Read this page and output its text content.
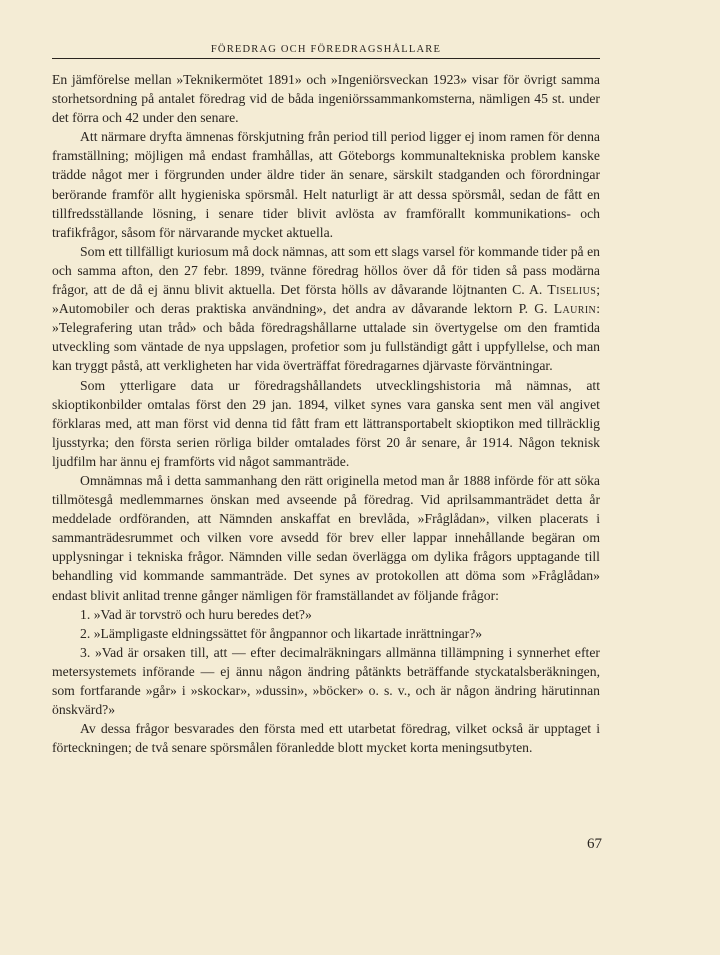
FÖREDRAG OCH FÖREDRAGSHÅLLARE

En jämförelse mellan »Teknikermötet 1891» och »Ingeniörsveckan 1923» visar för övrigt samma storhetsordning på antalet föredrag vid de båda ingeniörssammankomsterna, nämligen 45 st. under det förra och 42 under den senare.

Att närmare dryfta ämnenas förskjutning från period till period ligger ej inom ramen för denna framställning; möjligen må endast framhållas, att Göteborgs kommunaltekniska problem kanske trädde något mer i förgrunden under äldre tider än senare, särskilt stadganden och förordningar berörande framför allt hygieniska spörsmål. Helt naturligt är att dessa spörsmål, sedan de fått en tillfredsställande lösning, i senare tider blivit avlösta av framförallt kommunikations- och trafikfrågor, såsom för närvarande mycket aktuella.

Som ett tillfälligt kuriosum må dock nämnas, att som ett slags varsel för kommande tider på en och samma afton, den 27 febr. 1899, tvänne föredrag höllos över då för tiden så pass modärna frågor, att de då ej ännu blivit aktuella. Det första hölls av dåvarande löjtnanten C. A. Tiselius; »Automobiler och deras praktiska användning», det andra av dåvarande lektorn P. G. Laurin: »Telegrafering utan tråd» och båda föredragshållarne uttalade sin övertygelse om den framtida utveckling som väntade de nya uppslagen, profetior som ju fullständigt gått i uppfyllelse, och man kan tryggt påstå, att verkligheten har vida överträffat föredragarnes djärvaste förväntningar.

Som ytterligare data ur föredragshållandets utvecklingshistoria må nämnas, att skioptikonbilder omtalas först den 29 jan. 1894, vilket synes vara ganska sent men väl angivet förklaras med, att man först vid denna tid fått fram ett lättransportabelt skioptikon med tillräcklig ljusstyrka; den första serien rörliga bilder omtalades först 20 år senare, år 1914. Någon teknisk ljudfilm har ännu ej framförts vid något sammanträde.

Omnämnas må i detta sammanhang den rätt originella metod man år 1888 införde för att söka tillmötesgå medlemmarnes önskan med avseende på föredrag. Vid aprilsammanträdet detta år meddelade ordföranden, att Nämnden anskaffat en brevlåda, »Frågl​ådan», vilken placerats i sammanträdesrummet och vilken vore avsedd för brev eller lappar innehållande begäran om upplysningar i tekniska frågor. Nämnden ville sedan överlägga om dylika frågors upptagande till behandling vid kommande sammanträde. Det synes av protokollen att döma som »Frågl​ådan» endast blivit anlitad trenne gånger nämligen för framställandet av följande frågor:

1. »Vad är torvströ och huru beredes det?»

2. »Lämpligaste eldningssättet för ångpannor och likartade inrättningar?»

3. »Vad är orsaken till, att — efter decimalräkningars allmänna tillämpning i synnerhet efter metersystemets införande — ej ännu någon ändring påtänkts beträffande styckatalsberäkningen, som fortfarande »går» i »skockar», »dussin», »böcker» o. s. v., och är någon ändring härutinnan önskvärd?»

Av dessa frågor besvarades den första med ett utarbetat föredrag, vilket också är upptaget i förteckningen; de två senare spörsmålen föranledde blott mycket korta meningsutbyten.

67
